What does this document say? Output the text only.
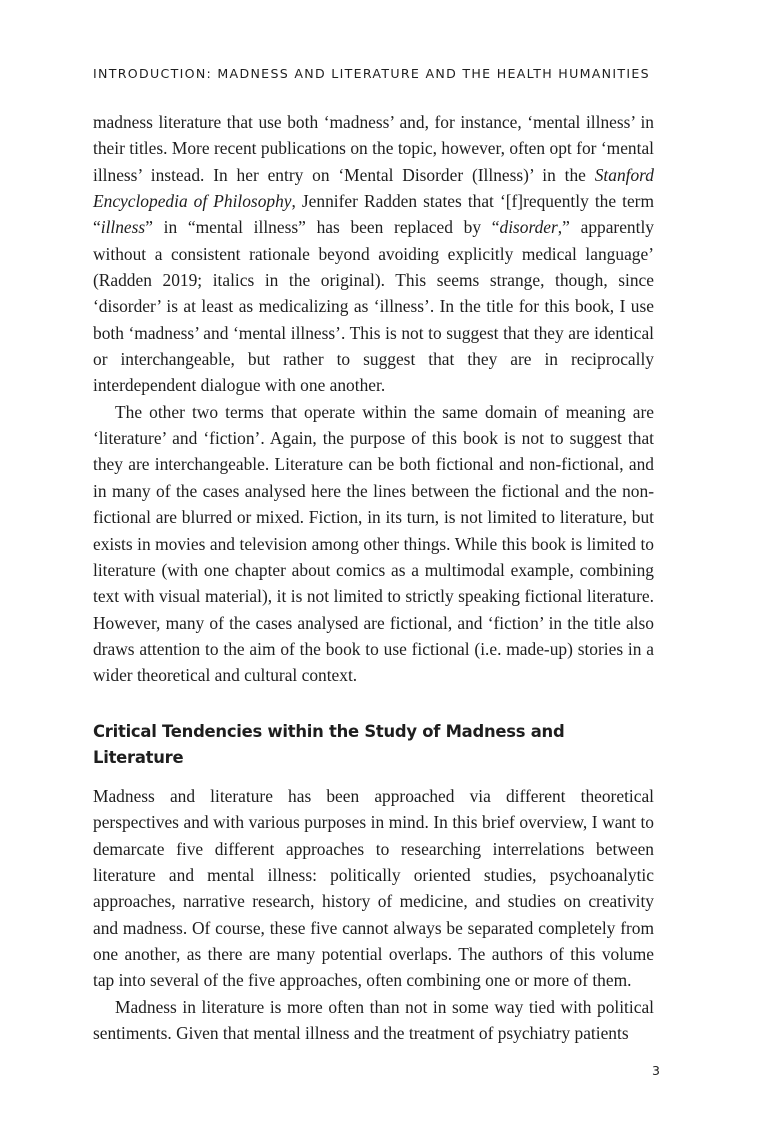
INTRODUCTION: MADNESS AND LITERATURE AND THE HEALTH HUMANITIES

madness literature that use both ‘madness’ and, for instance, ‘mental illness’ in their titles. More recent publications on the topic, however, often opt for ‘mental illness’ instead. In her entry on ‘Mental Disorder (Illness)’ in the Stanford Encyclopedia of Philosophy, Jennifer Radden states that ‘[f]requently the term “illness” in “mental illness” has been replaced by “disorder,” apparently without a consistent rationale beyond avoiding explicitly medical language’ (Radden 2019; italics in the original). This seems strange, though, since ‘disorder’ is at least as medicalizing as ‘illness’. In the title for this book, I use both ‘madness’ and ‘mental illness’. This is not to suggest that they are identical or interchangeable, but rather to suggest that they are in reciprocally interdependent dialogue with one another.

The other two terms that operate within the same domain of meaning are ‘literature’ and ‘fiction’. Again, the purpose of this book is not to suggest that they are interchangeable. Literature can be both fictional and non-fictional, and in many of the cases analysed here the lines between the fictional and the non-fictional are blurred or mixed. Fiction, in its turn, is not limited to literature, but exists in movies and television among other things. While this book is limited to literature (with one chapter about comics as a multimodal example, combining text with visual material), it is not limited to strictly speaking fictional literature. However, many of the cases analysed are fictional, and ‘fiction’ in the title also draws attention to the aim of the book to use fictional (i.e. made-up) stories in a wider theoretical and cultural context.

Critical Tendencies within the Study of Madness and Literature

Madness and literature has been approached via different theoretical perspectives and with various purposes in mind. In this brief overview, I want to demarcate five different approaches to researching interrelations between literature and mental illness: politically oriented studies, psychoanalytic approaches, narrative research, history of medicine, and studies on creativity and madness. Of course, these five cannot always be separated completely from one another, as there are many potential overlaps. The authors of this volume tap into several of the five approaches, often combining one or more of them.

Madness in literature is more often than not in some way tied with political sentiments. Given that mental illness and the treatment of psychiatry patients

3
